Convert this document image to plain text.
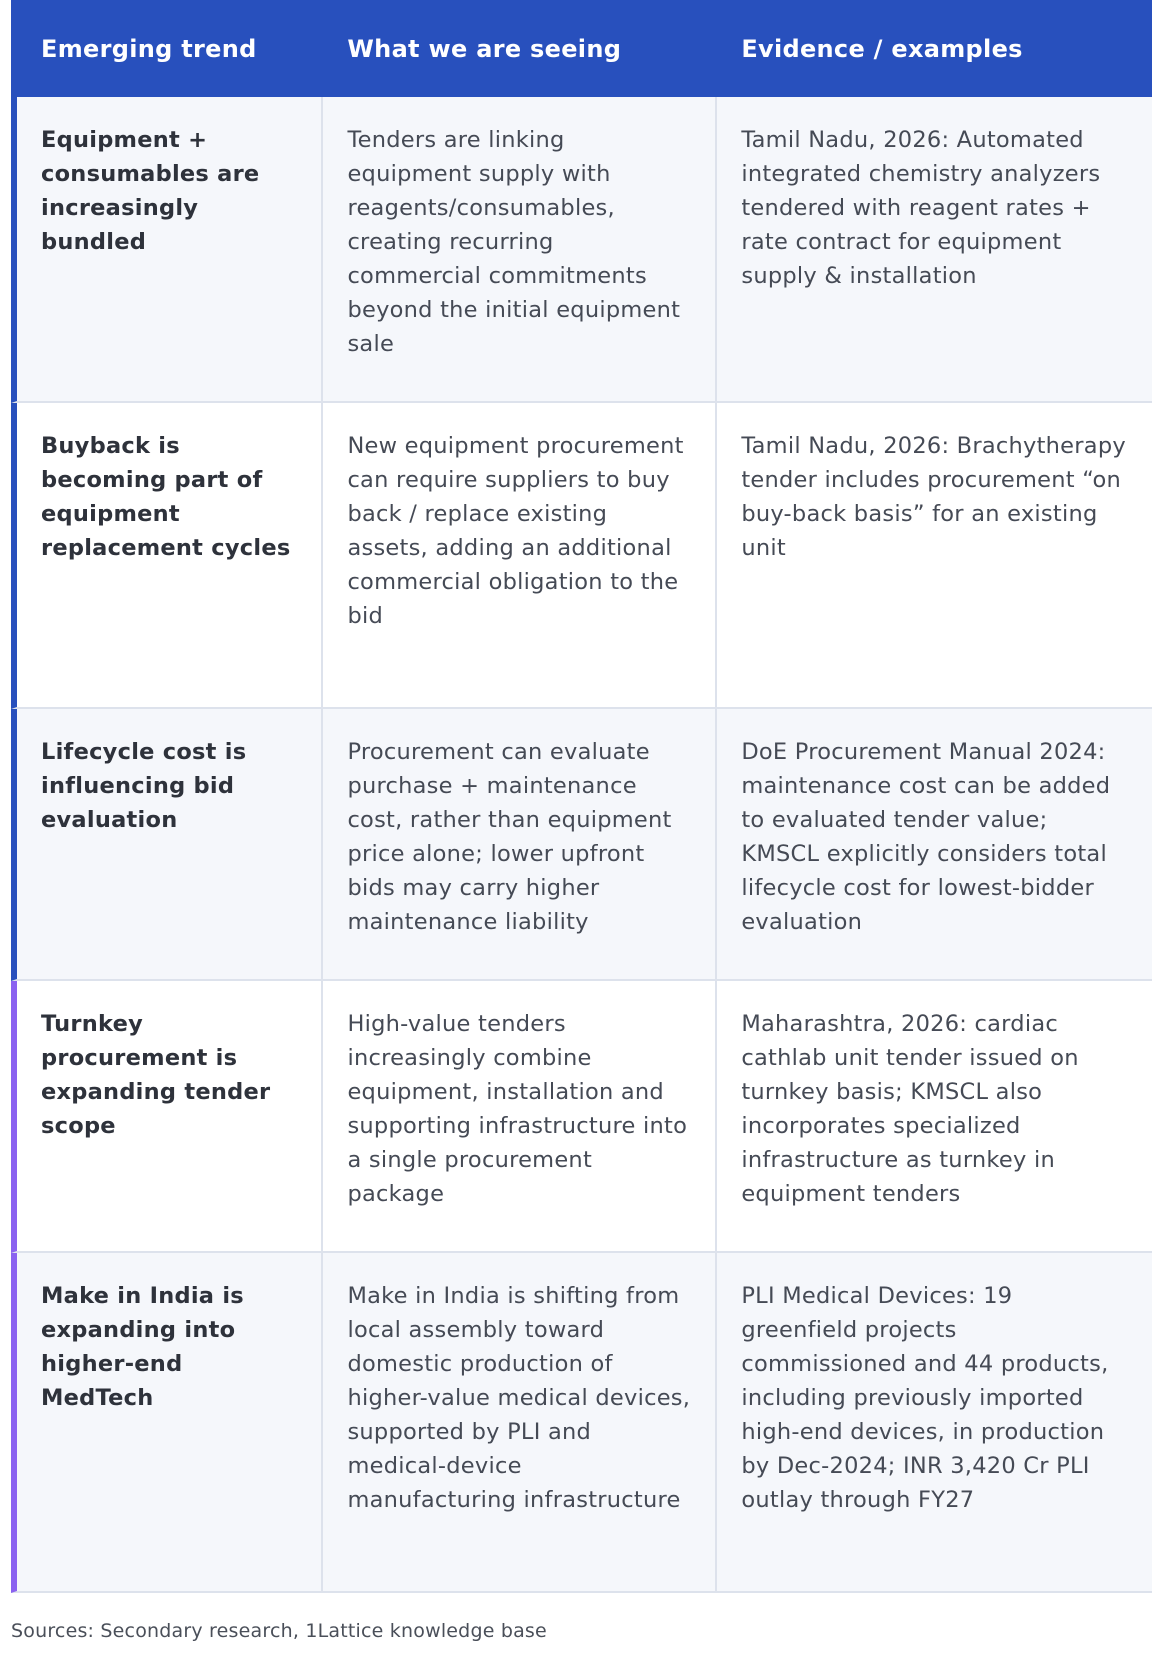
Emerging trend	What we are seeing	Evidence / examples
Equipment + consumables are increasingly bundled
Tenders are linking equipment supply with reagents/consumables, creating recurring commercial commitments beyond the initial equipment sale
Tamil Nadu, 2026: Automated integrated chemistry analyzers tendered with reagent rates + rate contract for equipment supply & installation
Buyback is becoming part of equipment replacement cycles
New equipment procurement can require suppliers to buy back / replace existing assets, adding an additional commercial obligation to the bid
Tamil Nadu, 2026: Brachytherapy tender includes procurement “on buy-back basis” for an existing unit
Lifecycle cost is influencing bid evaluation
Procurement can evaluate purchase + maintenance cost, rather than equipment price alone; lower upfront bids may carry higher maintenance liability
DoE Procurement Manual 2024: maintenance cost can be added to evaluated tender value; KMSCL explicitly considers total lifecycle cost for lowest-bidder evaluation
Turnkey procurement is expanding tender scope
High-value tenders increasingly combine equipment, installation and supporting infrastructure into a single procurement package
Maharashtra, 2026: cardiac cathlab unit tender issued on turnkey basis; KMSCL also incorporates specialized infrastructure as turnkey in equipment tenders
Make in India is expanding into higher-end MedTech
Make in India is shifting from local assembly toward domestic production of higher-value medical devices, supported by PLI and medical-device manufacturing infrastructure
PLI Medical Devices: 19 greenfield projects commissioned and 44 products, including previously imported high-end devices, in production by Dec-2024; INR 3,420 Cr PLI outlay through FY27
Sources: Secondary research, 1Lattice knowledge base
